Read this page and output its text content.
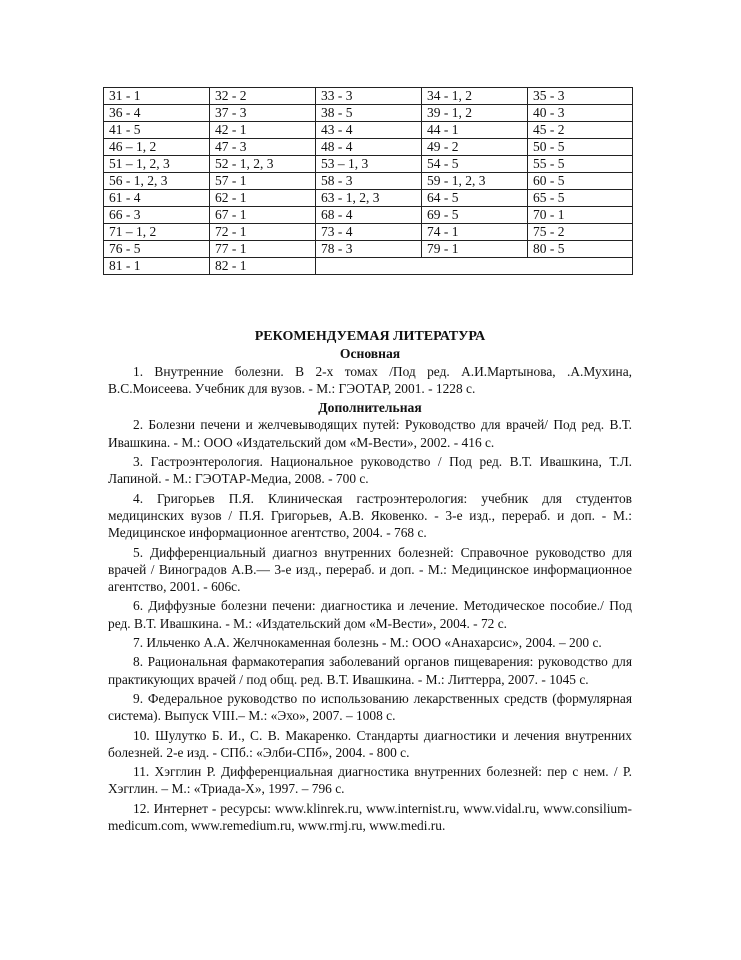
31 - 1	32 - 2	33 - 3	34 - 1, 2	35 - 3
36 - 4	37 - 3	38 - 5	39 - 1, 2	40 - 3
41 - 5	42 - 1	43 - 4	44 - 1	45 - 2
46 – 1, 2	47 - 3	48 - 4	49 - 2	50 - 5
51 – 1, 2, 3	52 - 1, 2, 3	53 – 1, 3	54 - 5	55 - 5
56 - 1, 2, 3	57 - 1	58 - 3	59 - 1, 2, 3	60 - 5
61 - 4	62 - 1	63 - 1, 2, 3	64 - 5	65 - 5
66 - 3	67 - 1	68 - 4	69 - 5	70 - 1
71 – 1, 2	72 - 1	73 - 4	74 - 1	75 - 2
76 - 5	77 - 1	78 - 3	79 - 1	80 - 5
81 - 1	82 - 1			

РЕКОМЕНДУЕМАЯ ЛИТЕРАТУРА

Основная

1. Внутренние болезни. В 2-х томах /Под ред. А.И.Мартынова, .А.Мухина, В.С.Моисеева. Учебник для вузов. - М.: ГЭОТАР, 2001. - 1228 с.

Дополнительная

2. Болезни печени и желчевыводящих путей: Руководство для врачей/ Под ред. В.Т. Ивашкина. - М.: ООО «Издательский дом «М-Вести», 2002. - 416 с.

3. Гастроэнтерология. Национальное руководство / Под ред. В.Т. Ивашкина, Т.Л. Лапиной. - М.: ГЭОТАР-Медиа, 2008. - 700 с.

4. Григорьев П.Я. Клиническая гастроэнтерология: учебник для студентов медицинских вузов / П.Я. Григорьев, А.В. Яковенко. - 3-е изд., перераб. и доп. - М.: Медицинское информационное агентство, 2004. - 768 с.

5. Дифференциальный диагноз внутренних болезней: Справочное руководство для врачей / Виноградов А.В.— 3-е изд., перераб. и доп. - М.: Медицинское информационное агентство, 2001. - 606с.

6. Диффузные болезни печени: диагностика и лечение. Методическое пособие./ Под ред. В.Т. Ивашкина. - М.: «Издательский дом «М-Вести», 2004. - 72 с.

7. Ильченко А.А. Желчнокаменная болезнь - М.: ООО «Анахарсис», 2004. – 200 с.

8. Рациональная фармакотерапия заболеваний органов пищеварения: руководство для практикующих врачей / под общ. ред. В.Т. Ивашкина. - М.: Литтерра, 2007. - 1045 с.

9. Федеральное руководство по использованию лекарственных средств (формулярная система). Выпуск VIII.– М.: «Эхо», 2007. – 1008 с.

10. Шулутко Б. И., С. В. Макаренко. Стандарты диагностики и лечения внутренних болезней. 2-е изд. - СПб.: «Элби-СПб», 2004. - 800 с.

11. Хэгглин Р. Дифференциальная диагностика внутренних болезней: пер с нем. / Р. Хэгглин. – М.: «Триада-Х», 1997. – 796 с.

12. Интернет - ресурсы: www.klinrek.ru, www.internist.ru, www.vidal.ru, www.consilium-medicum.com, www.remedium.ru, www.rmj.ru, www.medi.ru.
